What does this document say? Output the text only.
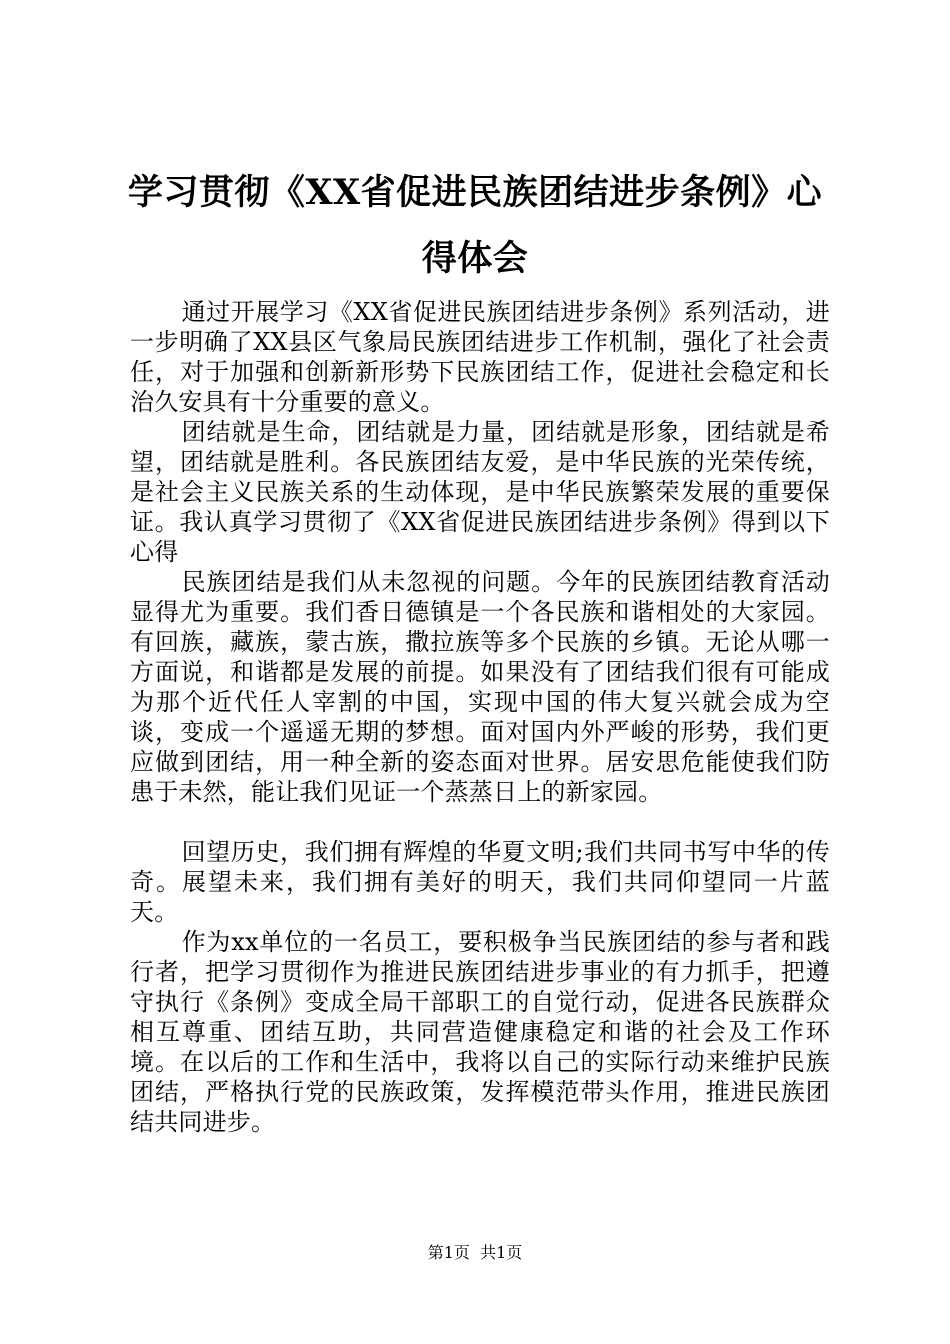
学习贯彻《XX省促进民族团结进步条例》心得体会

通过开展学习《XX省促进民族团结进步条例》系列活动，进一步明确了XX县区气象局民族团结进步工作机制，强化了社会责任，对于加强和创新新形势下民族团结工作，促进社会稳定和长治久安具有十分重要的意义。

团结就是生命，团结就是力量，团结就是形象，团结就是希望，团结就是胜利。各民族团结友爱，是中华民族的光荣传统，是社会主义民族关系的生动体现，是中华民族繁荣发展的重要保证。我认真学习贯彻了《XX省促进民族团结进步条例》得到以下心得

民族团结是我们从未忽视的问题。今年的民族团结教育活动显得尤为重要。我们香日德镇是一个各民族和谐相处的大家园。有回族，藏族，蒙古族，撒拉族等多个民族的乡镇。无论从哪一方面说，和谐都是发展的前提。如果没有了团结我们很有可能成为那个近代任人宰割的中国，实现中国的伟大复兴就会成为空谈，变成一个遥遥无期的梦想。面对国内外严峻的形势，我们更应做到团结，用一种全新的姿态面对世界。居安思危能使我们防患于未然，能让我们见证一个蒸蒸日上的新家园。

回望历史，我们拥有辉煌的华夏文明;我们共同书写中华的传奇。展望未来，我们拥有美好的明天，我们共同仰望同一片蓝天。

作为xx单位的一名员工，要积极争当民族团结的参与者和践行者，把学习贯彻作为推进民族团结进步事业的有力抓手，把遵守执行《条例》变成全局干部职工的自觉行动，促进各民族群众相互尊重、团结互助，共同营造健康稳定和谐的社会及工作环境。在以后的工作和生活中，我将以自己的实际行动来维护民族团结，严格执行党的民族政策，发挥模范带头作用，推进民族团结共同进步。

第1页  共1页
